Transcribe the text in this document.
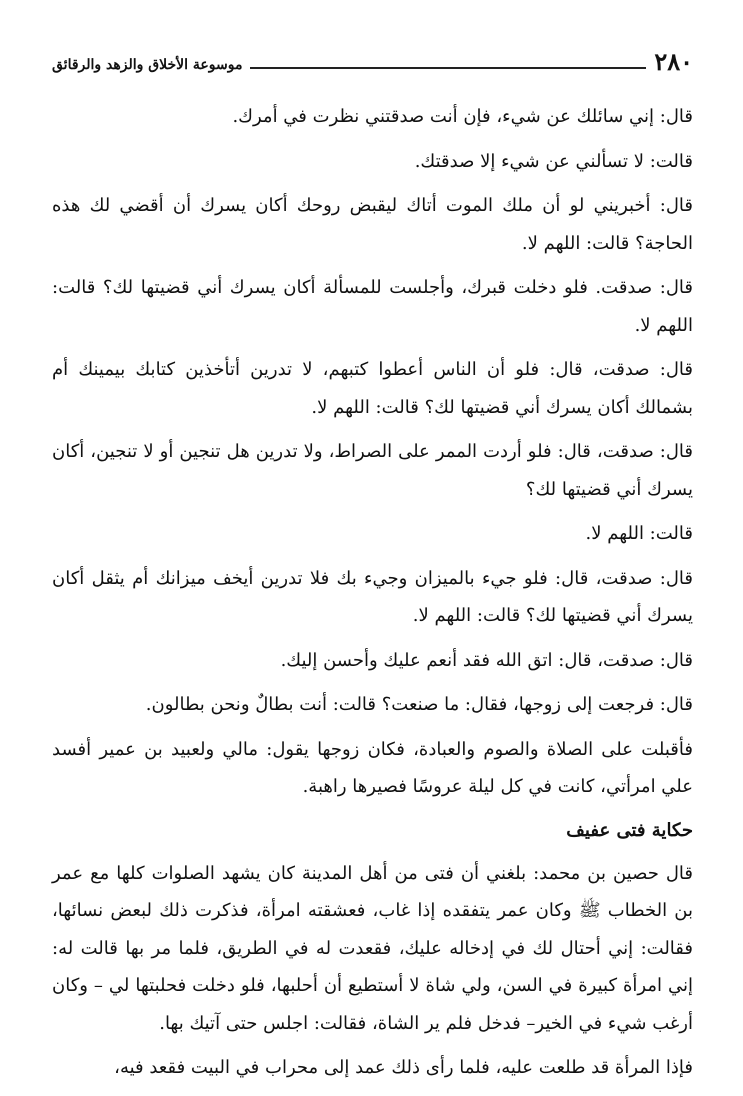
٢٨٠
موسوعة الأخلاق والزهد والرقائق

قال: إني سائلك عن شيء، فإن أنت صدقتني نظرت في أمرك.

قالت: لا تسألني عن شيء إلا صدقتك.

قال: أخبريني لو أن ملك الموت أتاك ليقبض روحك أكان يسرك أن أقضي لك هذه الحاجة؟ قالت: اللهم لا.

قال: صدقت. فلو دخلت قبرك، وأجلست للمسألة أكان يسرك أني قضيتها لك؟ قالت: اللهم لا.

قال: صدقت، قال: فلو أن الناس أعطوا كتبهم، لا تدرين أتأخذين كتابك بيمينك أم بشمالك أكان يسرك أني قضيتها لك؟ قالت: اللهم لا.

قال: صدقت، قال: فلو أردت الممر على الصراط، ولا تدرين هل تنجين أو لا تنجين، أكان يسرك أني قضيتها لك؟

قالت: اللهم لا.

قال: صدقت، قال: فلو جيء بالميزان وجيء بك فلا تدرين أيخف ميزانك أم يثقل أكان يسرك أني قضيتها لك؟ قالت: اللهم لا.

قال: صدقت، قال: اتق الله فقد أنعم عليك وأحسن إليك.

قال: فرجعت إلى زوجها، فقال: ما صنعت؟ قالت: أنت بطالٌ ونحن بطالون.

فأقبلت على الصلاة والصوم والعبادة، فكان زوجها يقول: مالي ولعبيد بن عمير أفسد علي امرأتي، كانت في كل ليلة عروسًا فصيرها راهبة.

حكاية فتى عفيف

قال حصين بن محمد: بلغني أن فتى من أهل المدينة كان يشهد الصلوات كلها مع عمر بن الخطاب ﷺ وكان عمر يتفقده إذا غاب، فعشقته امرأة، فذكرت ذلك لبعض نسائها، فقالت: إني أحتال لك في إدخاله عليك، فقعدت له في الطريق، فلما مر بها قالت له: إني امرأة كبيرة في السن، ولي شاة لا أستطيع أن أحلبها، فلو دخلت فحلبتها لي – وكان أرغب شيء في الخير– فدخل فلم ير الشاة، فقالت: اجلس حتى آتيك بها.

فإذا المرأة قد طلعت عليه، فلما رأى ذلك عمد إلى محراب في البيت فقعد فيه،
